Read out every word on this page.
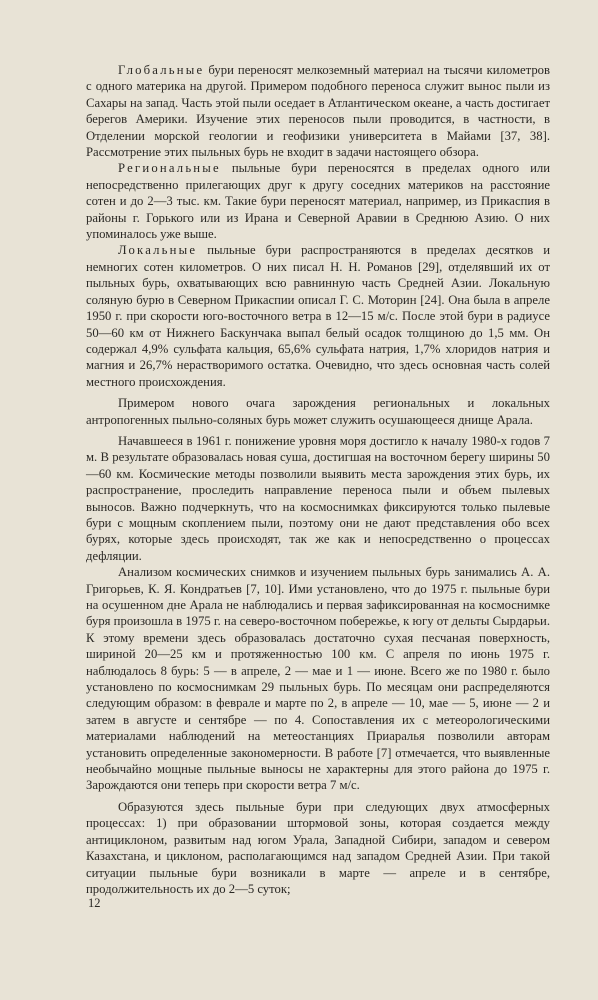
Глобальные бури переносят мелкоземный материал на тысячи километров с одного материка на другой. Примером подобного переноса служит вынос пыли из Сахары на запад. Часть этой пыли оседает в Атлантическом океане, а часть достигает берегов Америки. Изучение этих переносов пыли проводится, в частности, в Отделении морской геологии и геофизики университета в Майами [37, 38]. Рассмотрение этих пыльных бурь не входит в задачи настоящего обзора.

Региональные пыльные бури переносятся в пределах одного или непосредственно прилегающих друг к другу соседних материков на расстояние сотен и до 2—3 тыс. км. Такие бури переносят материал, например, из Прикаспия в районы г. Горького или из Ирана и Северной Аравии в Среднюю Азию. О них упоминалось уже выше.

Локальные пыльные бури распространяются в пределах десятков и немногих сотен километров. О них писал Н. Н. Романов [29], отделявший их от пыльных бурь, охватывающих всю равнинную часть Средней Азии. Локальную соляную бурю в Северном Прикаспии описал Г. С. Моторин [24]. Она была в апреле 1950 г. при скорости юго-восточного ветра в 12—15 м/с. После этой бури в радиусе 50—60 км от Нижнего Баскунчака выпал белый осадок толщиною до 1,5 мм. Он содержал 4,9% сульфата кальция, 65,6% сульфата натрия, 1,7% хлоридов натрия и магния и 26,7% нерастворимого остатка. Очевидно, что здесь основная часть солей местного происхождения.

Примером нового очага зарождения региональных и локальных антропогенных пыльно-соляных бурь может служить осушающееся днище Арала.

Начавшееся в 1961 г. понижение уровня моря достигло к началу 1980-х годов 7 м. В результате образовалась новая суша, достигшая на восточном берегу ширины 50—60 км. Космические методы позволили выявить места зарождения этих бурь, их распространение, проследить направление переноса пыли и объем пылевых выносов. Важно подчеркнуть, что на космоснимках фиксируются только пылевые бури с мощным скоплением пыли, поэтому они не дают представления обо всех бурях, которые здесь происходят, так же как и непосредственно о процессах дефляции.

Анализом космических снимков и изучением пыльных бурь занимались А. А. Григорьев, К. Я. Кондратьев [7, 10]. Ими установлено, что до 1975 г. пыльные бури на осушенном дне Арала не наблюдались и первая зафиксированная на космоснимке буря произошла в 1975 г. на северо-восточном побережье, к югу от дельты Сырдарьи. К этому времени здесь образовалась достаточно сухая песчаная поверхность, шириной 20—25 км и протяженностью 100 км. С апреля по июнь 1975 г. наблюдалось 8 бурь: 5 — в апреле, 2 — мае и 1 — июне. Всего же по 1980 г. было установлено по космоснимкам 29 пыльных бурь. По месяцам они распределяются следующим образом: в феврале и марте по 2, в апреле — 10, мае — 5, июне — 2 и затем в августе и сентябре — по 4. Сопоставления их с метеорологическими материалами наблюдений на метеостанциях Приаралья позволили авторам установить определенные закономерности. В работе [7] отмечается, что выявленные необычайно мощные пыльные выносы не характерны для этого района до 1975 г. Зарождаются они теперь при скорости ветра 7 м/с.

Образуются здесь пыльные бури при следующих двух атмосферных процессах: 1) при образовании штормовой зоны, которая создается между антициклоном, развитым над югом Урала, Западной Сибири, западом и севером Казахстана, и циклоном, располагающимся над западом Средней Азии. При такой ситуации пыльные бури возникали в марте — апреле и в сентябре, продолжительность их до 2—5 суток;

12
